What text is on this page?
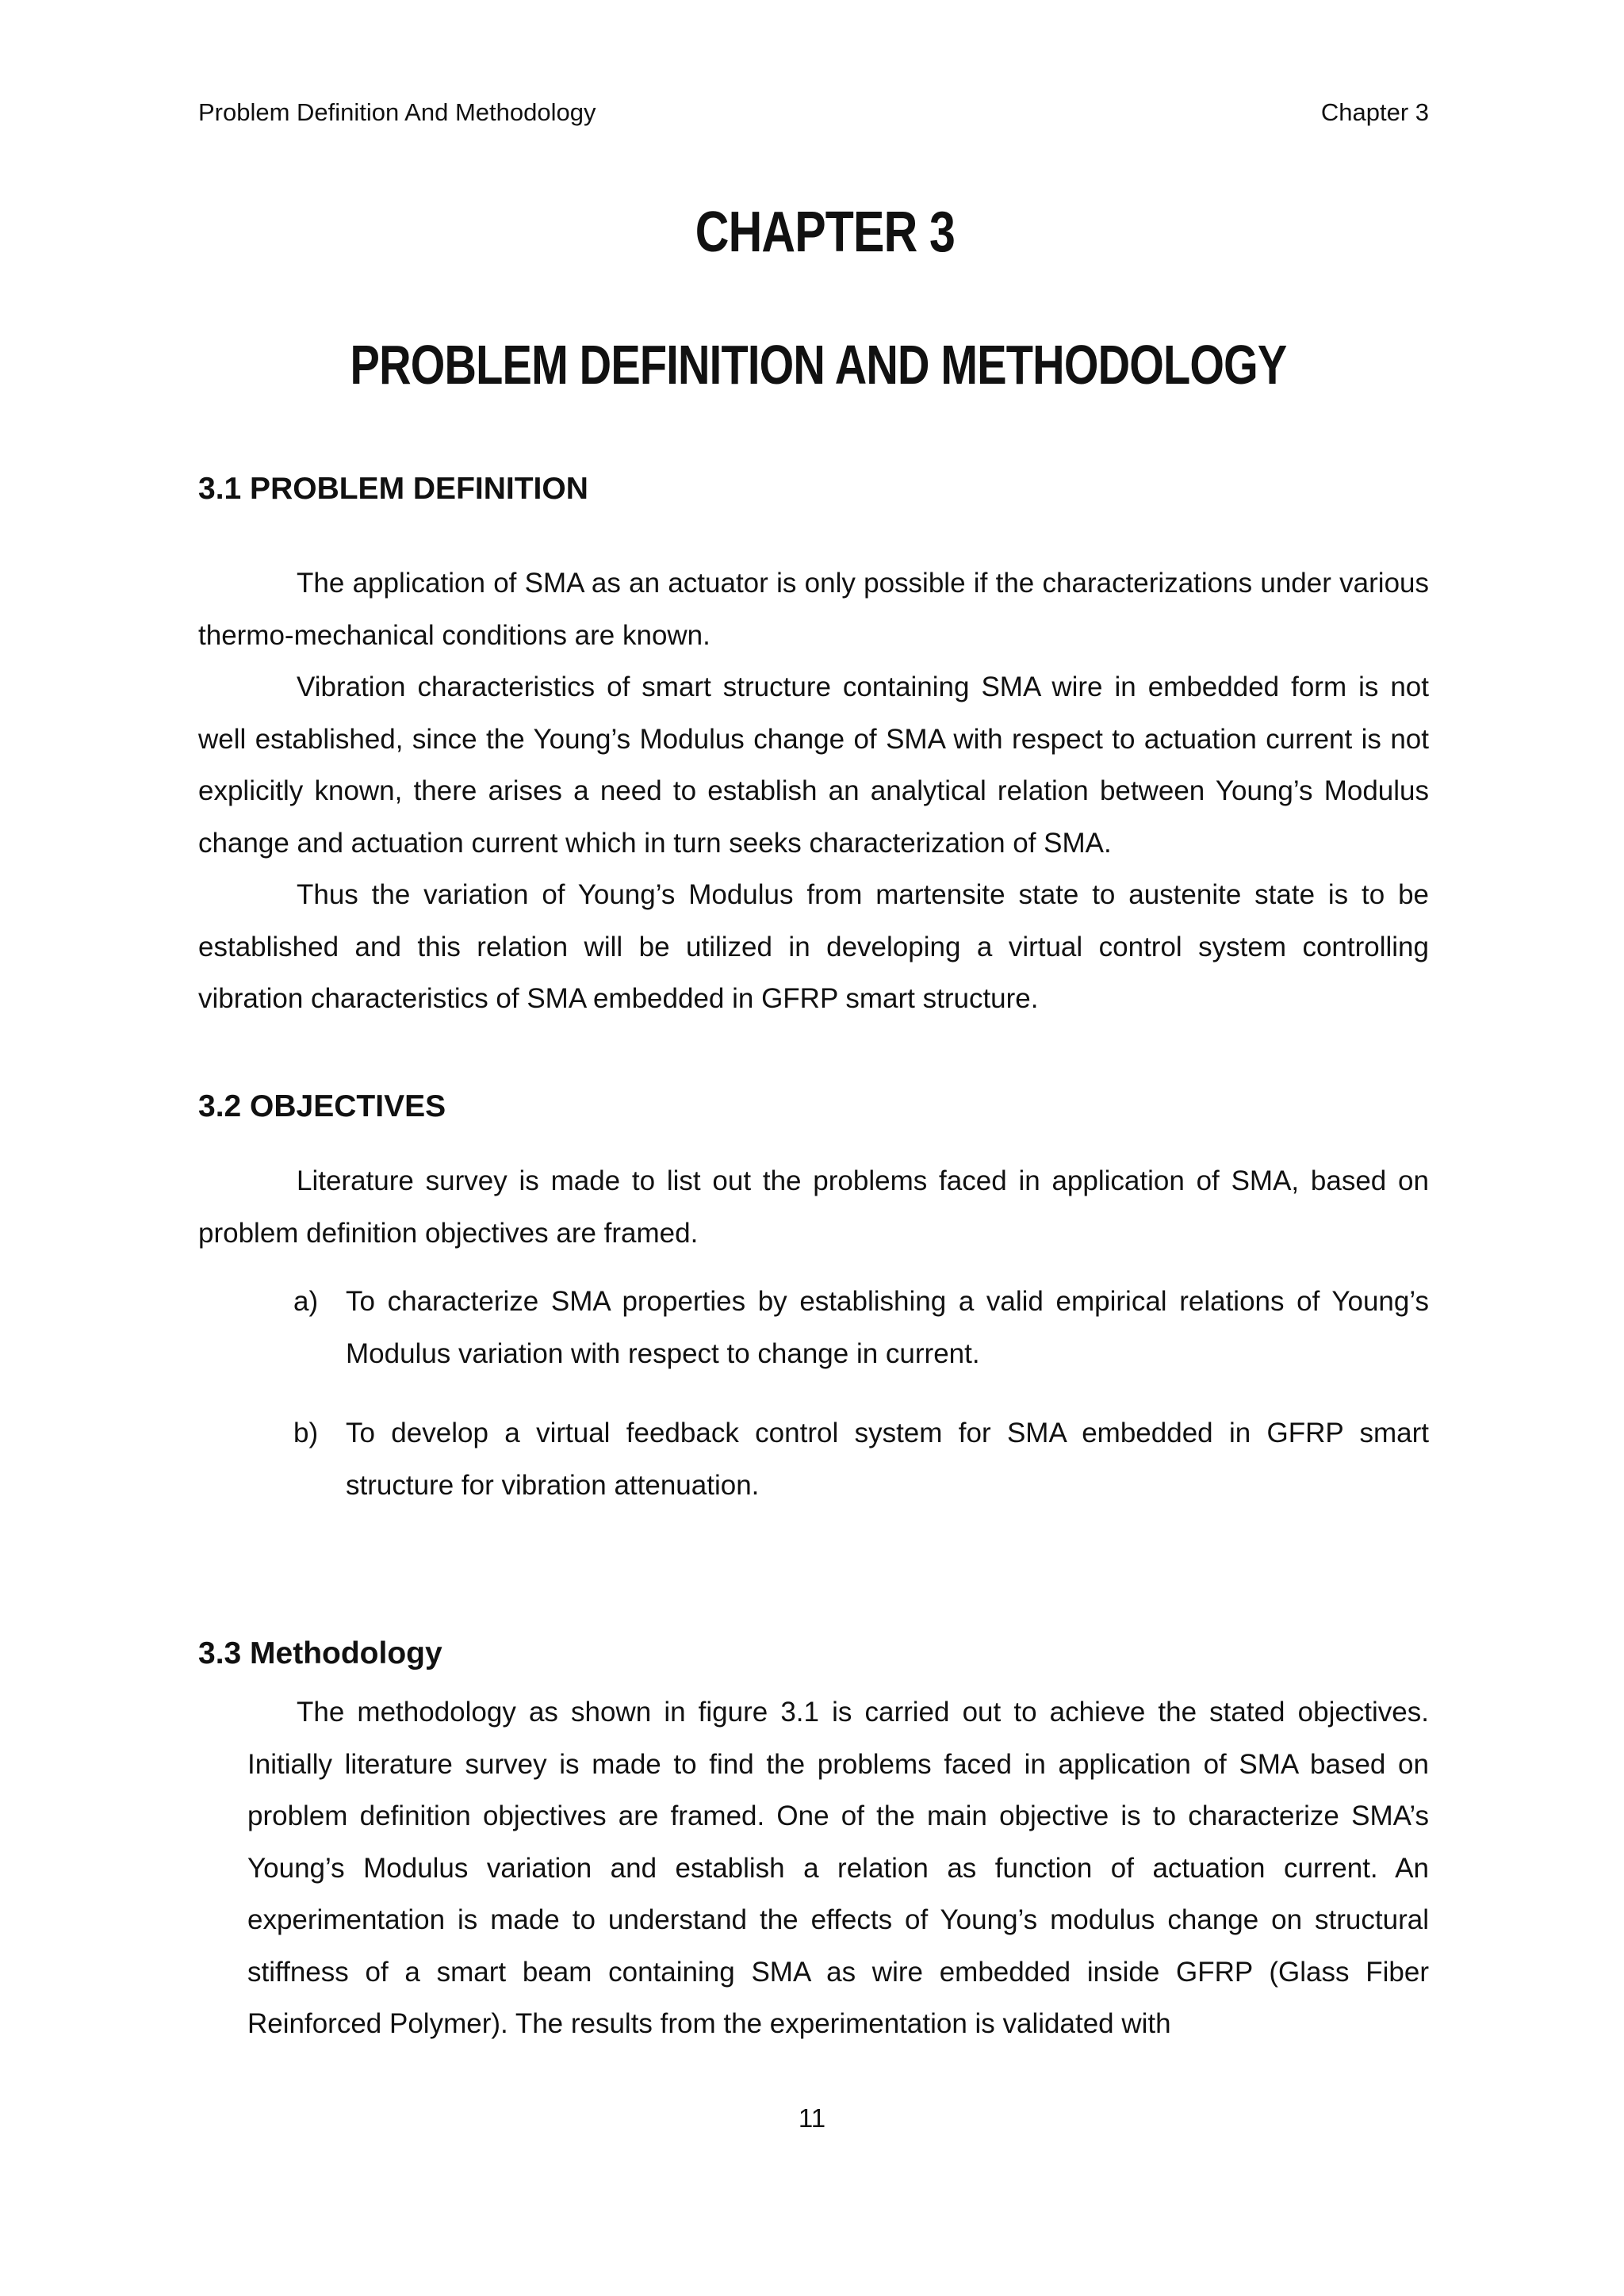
Problem Definition And Methodology	Chapter 3
CHAPTER 3
PROBLEM DEFINITION AND METHODOLOGY
3.1 PROBLEM DEFINITION

The application of SMA as an actuator is only possible if the characterizations under various thermo-mechanical conditions are known.

Vibration characteristics of smart structure containing SMA wire in embedded form is not well established, since the Young’s Modulus change of SMA with respect to actuation current is not explicitly known, there arises a need to establish an analytical relation between Young’s Modulus change and actuation current which in turn seeks characterization of SMA.

Thus the variation of Young’s Modulus from martensite state to austenite state is to be established and this relation will be utilized in developing a virtual control system controlling vibration characteristics of SMA embedded in GFRP smart structure.

3.2 OBJECTIVES

Literature survey is made to list out the problems faced in application of SMA, based on problem definition objectives are framed.

a) To characterize SMA properties by establishing a valid empirical relations of Young’s Modulus variation with respect to change in current.
b) To develop a virtual feedback control system for SMA embedded in GFRP smart structure for vibration attenuation.
3.3 Methodology

The methodology as shown in figure 3.1 is carried out to achieve the stated objectives. Initially literature survey is made to find the problems faced in application of SMA based on problem definition objectives are framed. One of the main objective is to characterize SMA’s Young’s Modulus variation and establish a relation as function of actuation current. An experimentation is made to understand the effects of Young’s modulus change on structural stiffness of a smart beam containing SMA as wire embedded inside GFRP (Glass Fiber Reinforced Polymer). The results from the experimentation is validated with

11
